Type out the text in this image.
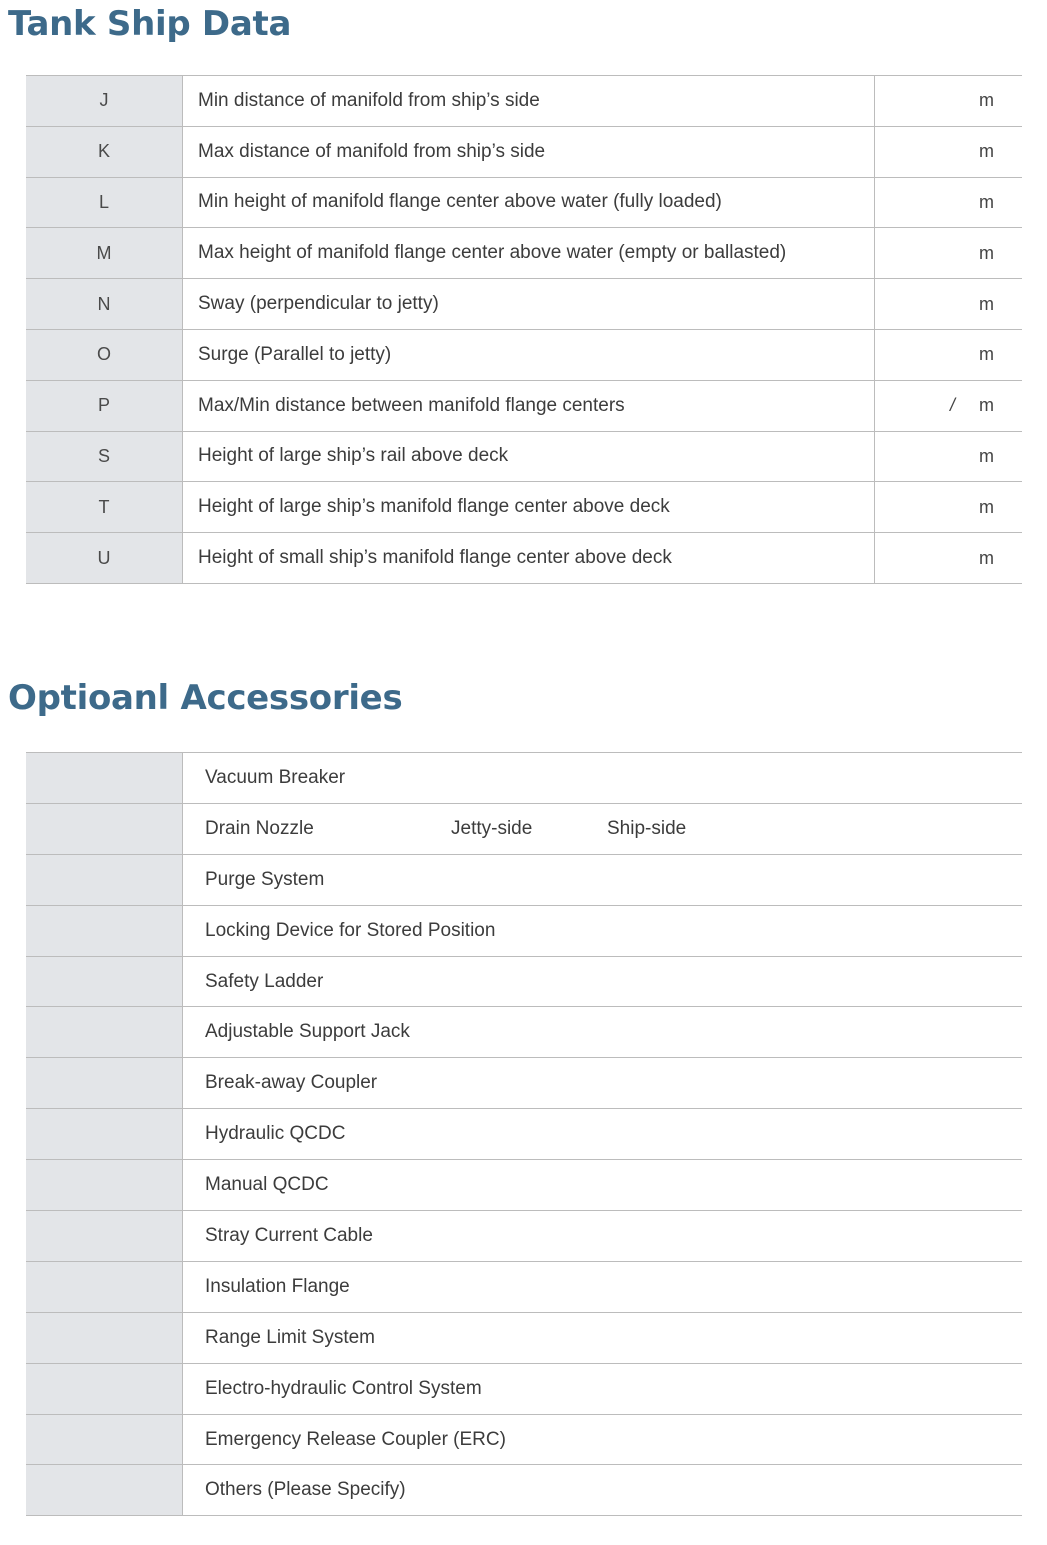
Tank Ship Data
J	Min distance of manifold from ship’s side	m
K	Max distance of manifold from ship’s side	m
L	Min height of manifold flange center above water (fully loaded)	m
M	Max height of manifold flange center above water (empty or ballasted)	m
N	Sway (perpendicular to jetty)	m
O	Surge (Parallel to jetty)	m
P	Max/Min distance between manifold flange centers	/ m
S	Height of large ship’s rail above deck	m
T	Height of large ship’s manifold flange center above deck	m
U	Height of small ship’s manifold flange center above deck	m
Optioanl Accessories
Vacuum Breaker
Drain Nozzle	Jetty-side	Ship-side
Purge System
Locking Device for Stored Position
Safety Ladder
Adjustable Support Jack
Break-away Coupler
Hydraulic QCDC
Manual QCDC
Stray Current Cable
Insulation Flange
Range Limit System
Electro-hydraulic Control System
Emergency Release Coupler (ERC)
Others (Please Specify)
